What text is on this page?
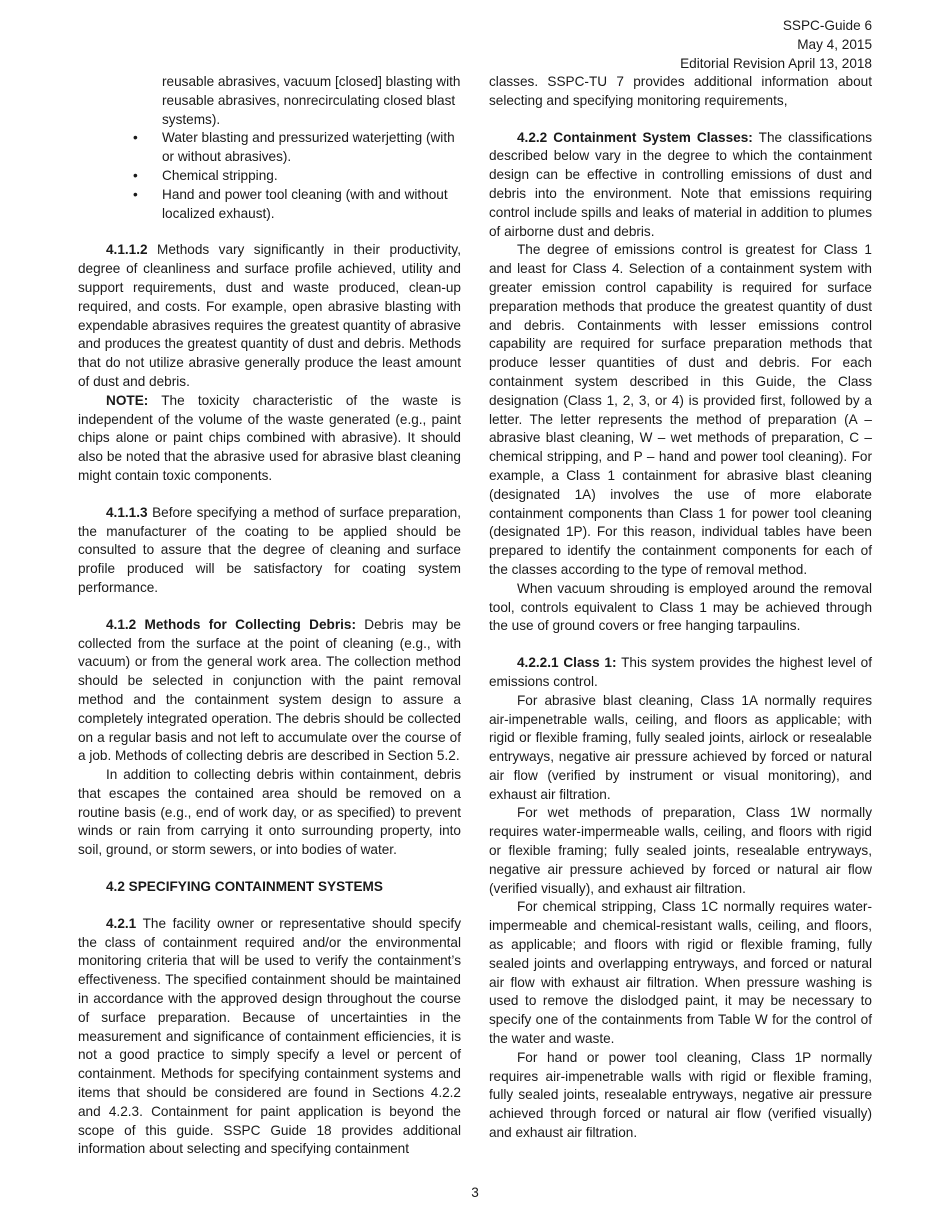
SSPC-Guide 6
May 4, 2015
Editorial Revision April 13, 2018

reusable abrasives, vacuum [closed] blasting with reusable abrasives, nonrecirculating closed blast systems).

• Water blasting and pressurized waterjetting (with or without abrasives).
• Chemical stripping.
• Hand and power tool cleaning (with and without localized exhaust).

4.1.1.2 Methods vary significantly in their productivity, degree of cleanliness and surface profile achieved, utility and support requirements, dust and waste produced, clean-up required, and costs. For example, open abrasive blasting with expendable abrasives requires the greatest quantity of abrasive and produces the greatest quantity of dust and debris. Methods that do not utilize abrasive generally produce the least amount of dust and debris.

NOTE: The toxicity characteristic of the waste is independent of the volume of the waste generated (e.g., paint chips alone or paint chips combined with abrasive). It should also be noted that the abrasive used for abrasive blast cleaning might contain toxic components.

4.1.1.3 Before specifying a method of surface preparation, the manufacturer of the coating to be applied should be consulted to assure that the degree of cleaning and surface profile produced will be satisfactory for coating system performance.

4.1.2 Methods for Collecting Debris: Debris may be collected from the surface at the point of cleaning (e.g., with vacuum) or from the general work area. The collection method should be selected in conjunction with the paint removal method and the containment system design to assure a completely integrated operation. The debris should be collected on a regular basis and not left to accumulate over the course of a job. Methods of collecting debris are described in Section 5.2.

In addition to collecting debris within containment, debris that escapes the contained area should be removed on a routine basis (e.g., end of work day, or as specified) to prevent winds or rain from carrying it onto surrounding property, into soil, ground, or storm sewers, or into bodies of water.

4.2 SPECIFYING CONTAINMENT SYSTEMS

4.2.1 The facility owner or representative should specify the class of containment required and/or the environmental monitoring criteria that will be used to verify the containment’s effectiveness. The specified containment should be maintained in accordance with the approved design throughout the course of surface preparation. Because of uncertainties in the measurement and significance of containment efficiencies, it is not a good practice to simply specify a level or percent of containment. Methods for specifying containment systems and items that should be considered are found in Sections 4.2.2 and 4.2.3. Containment for paint application is beyond the scope of this guide. SSPC Guide 18 provides additional information about selecting and specifying containment

classes. SSPC-TU 7 provides additional information about selecting and specifying monitoring requirements,

4.2.2 Containment System Classes: The classifications described below vary in the degree to which the containment design can be effective in controlling emissions of dust and debris into the environment. Note that emissions requiring control include spills and leaks of material in addition to plumes of airborne dust and debris.

The degree of emissions control is greatest for Class 1 and least for Class 4. Selection of a containment system with greater emission control capability is required for surface preparation methods that produce the greatest quantity of dust and debris. Containments with lesser emissions control capability are required for surface preparation methods that produce lesser quantities of dust and debris. For each containment system described in this Guide, the Class designation (Class 1, 2, 3, or 4) is provided first, followed by a letter. The letter represents the method of preparation (A – abrasive blast cleaning, W – wet methods of preparation, C – chemical stripping, and P – hand and power tool cleaning). For example, a Class 1 containment for abrasive blast cleaning (designated 1A) involves the use of more elaborate containment components than Class 1 for power tool cleaning (designated 1P). For this reason, individual tables have been prepared to identify the containment components for each of the classes according to the type of removal method.

When vacuum shrouding is employed around the removal tool, controls equivalent to Class 1 may be achieved through the use of ground covers or free hanging tarpaulins.

4.2.2.1 Class 1: This system provides the highest level of emissions control.

For abrasive blast cleaning, Class 1A normally requires air-impenetrable walls, ceiling, and floors as applicable; with rigid or flexible framing, fully sealed joints, airlock or resealable entryways, negative air pressure achieved by forced or natural air flow (verified by instrument or visual monitoring), and exhaust air filtration.

For wet methods of preparation, Class 1W normally requires water-impermeable walls, ceiling, and floors with rigid or flexible framing; fully sealed joints, resealable entryways, negative air pressure achieved by forced or natural air flow (verified visually), and exhaust air filtration.

For chemical stripping, Class 1C normally requires water-impermeable and chemical-resistant walls, ceiling, and floors, as applicable; and floors with rigid or flexible framing, fully sealed joints and overlapping entryways, and forced or natural air flow with exhaust air filtration. When pressure washing is used to remove the dislodged paint, it may be necessary to specify one of the containments from Table W for the control of the water and waste.

For hand or power tool cleaning, Class 1P normally requires air-impenetrable walls with rigid or flexible framing, fully sealed joints, resealable entryways, negative air pressure achieved through forced or natural air flow (verified visually) and exhaust air filtration.

3
